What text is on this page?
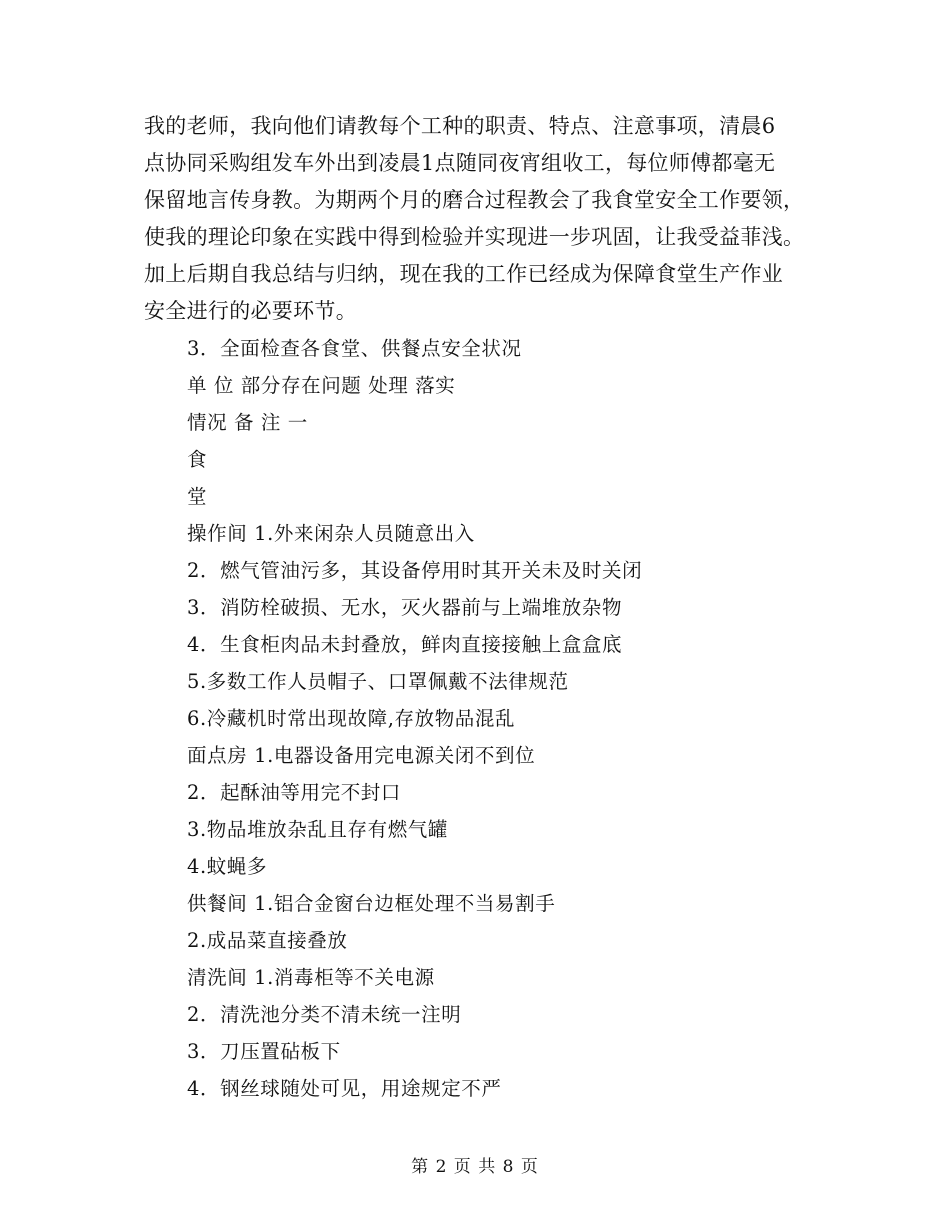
我的老师，我向他们请教每个工种的职责、特点、注意事项，清晨6
点协同采购组发车外出到凌晨1点随同夜宵组收工，每位师傅都毫无
保留地言传身教。为期两个月的磨合过程教会了我食堂安全工作要领，
使我的理论印象在实践中得到检验并实现进一步巩固，让我受益菲浅。
加上后期自我总结与归纳，现在我的工作已经成为保障食堂生产作业
安全进行的必要环节。
3．全面检查各食堂、供餐点安全状况
单 位 部分存在问题 处理 落实
情况 备 注 一
食
堂
操作间 1.外来闲杂人员随意出入
2．燃气管油污多，其设备停用时其开关未及时关闭
3．消防栓破损、无水，灭火器前与上端堆放杂物
4．生食柜肉品未封叠放，鲜肉直接接触上盒盒底
5.多数工作人员帽子、口罩佩戴不法律规范
6.冷藏机时常出现故障,存放物品混乱
面点房 1.电器设备用完电源关闭不到位
2．起酥油等用完不封口
3.物品堆放杂乱且存有燃气罐
4.蚊蝇多
供餐间 1.铝合金窗台边框处理不当易割手
2.成品菜直接叠放
清洗间 1.消毒柜等不关电源
2．清洗池分类不清未统一注明
3．刀压置砧板下
4．钢丝球随处可见，用途规定不严
第 2 页 共 8 页
